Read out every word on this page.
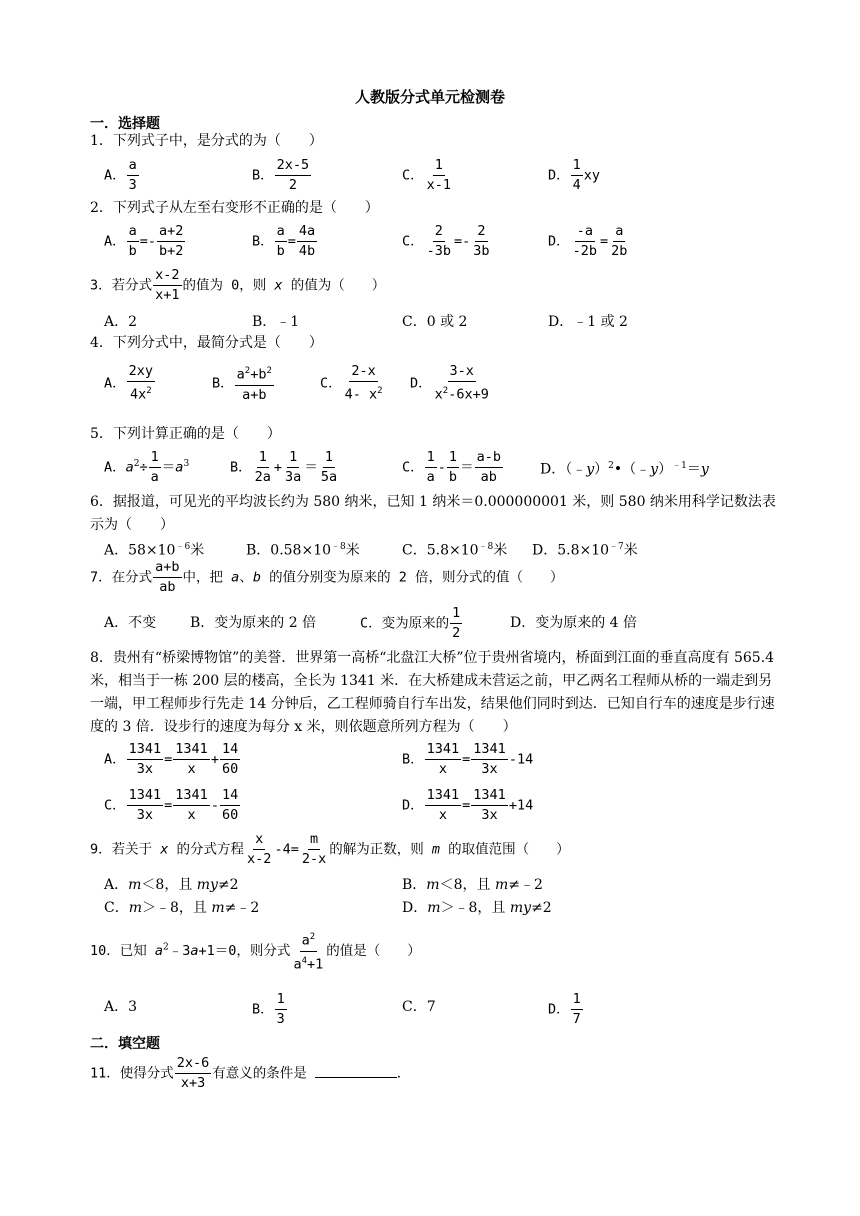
人教版分式单元检测卷
一．选择题
1．下列式子中，是分式的为（　　）
A． $\frac{a}{3}$	B． $\frac{2x-5}{2}$	C． $\frac{1}{x-1}$	D． $\frac{1}{4}$ xy
2．下列式子从左至右变形不正确的是（　　）
A． $\frac{a}{b} =- \frac{a+2}{b+2}$	B． $\frac{a}{b} = \frac{4a}{4b}$	C． $\frac{2}{-3b} =- \frac{2}{3b}$	D． $\frac{-a}{-2b} = \frac{a}{2b}$
3．若分式 $\frac{x-2}{x+1}$ 的值为 0，则 x 的值为（　　）
A．2	B．﹣1	C．0 或 2	D．﹣1 或 2
4．下列分式中，最简分式是（　　）
A． $\frac{2xy}{4x^2}$	B． $\frac{a^2+b^2}{a+b}$	C． $\frac{2-x}{4- x^2}$ D． $\frac{3-x}{x^2-6x+9}$
5．下列计算正确的是（　　）
A．$a^2\div \frac{1}{a} =a^3$	B． $\frac{1}{2a} + \frac{1}{3a} = \frac{1}{5a}$	C． $\frac{1}{a} - \frac{1}{b} = \frac{a-b}{ab}$	D．（﹣y）$^2$•（﹣y）$^{﹣1}$＝y
6．据报道，可见光的平均波长约为 580 纳米，已知 1 纳米＝0.000000001 米，则 580 纳米用科学记数法表示为（　　）
A．$58\times 10^{﹣6}$米	B．$0.58\times 10^{﹣8}$米	C．$5.8\times 10^{﹣8}$米 D．$5.8\times 10^{﹣7}$米
7．在分式 $\frac{a+b}{ab}$ 中，把 a、b 的值分别变为原来的 2 倍，则分式的值（　　）
A．不变 B．变为原来的 2 倍	C．变为原来的 $\frac{1}{2}$	D．变为原来的 4 倍
8．贵州有“桥梁博物馆”的美誉．世界第一高桥“北盘江大桥”位于贵州省境内，桥面到江面的垂直高度有 565.4 米，相当于一栋 200 层的楼高，全长为 1341 米．在大桥建成未营运之前，甲乙两名工程师从桥的一端走到另一端，甲工程师步行先走 14 分钟后，乙工程师骑自行车出发，结果他们同时到达．已知自行车的速度是步行速度的 3 倍．设步行的速度为每分 x 米，则依题意所列方程为（　　）
A． $\frac{1341}{3x} = \frac{1341}{x} + \frac{14}{60}$	B． $\frac{1341}{x} = \frac{1341}{3x} -14$
C． $\frac{1341}{3x} = \frac{1341}{x} - \frac{14}{60}$	D． $\frac{1341}{x} = \frac{1341}{3x} +14$
9．若关于 x 的分式方程 $\frac{x}{x-2} -4= \frac{m}{2-x}$ 的解为正数，则 m 的取值范围（　　）
A．m＜8，且 my≠2	B．m＜8，且 m≠﹣2
C．m＞﹣8，且 m≠﹣2	D．m＞﹣8，且 my≠2
10．已知 $a^2﹣3a+1=0$，则分式 $\frac{a^2}{a^4+1}$ 的值是（　　）
A．3	B． $\frac{1}{3}$	C．7	D． $\frac{1}{7}$
二．填空题
11．使得分式 $\frac{2x-6}{x+3}$ 有意义的条件是	．
